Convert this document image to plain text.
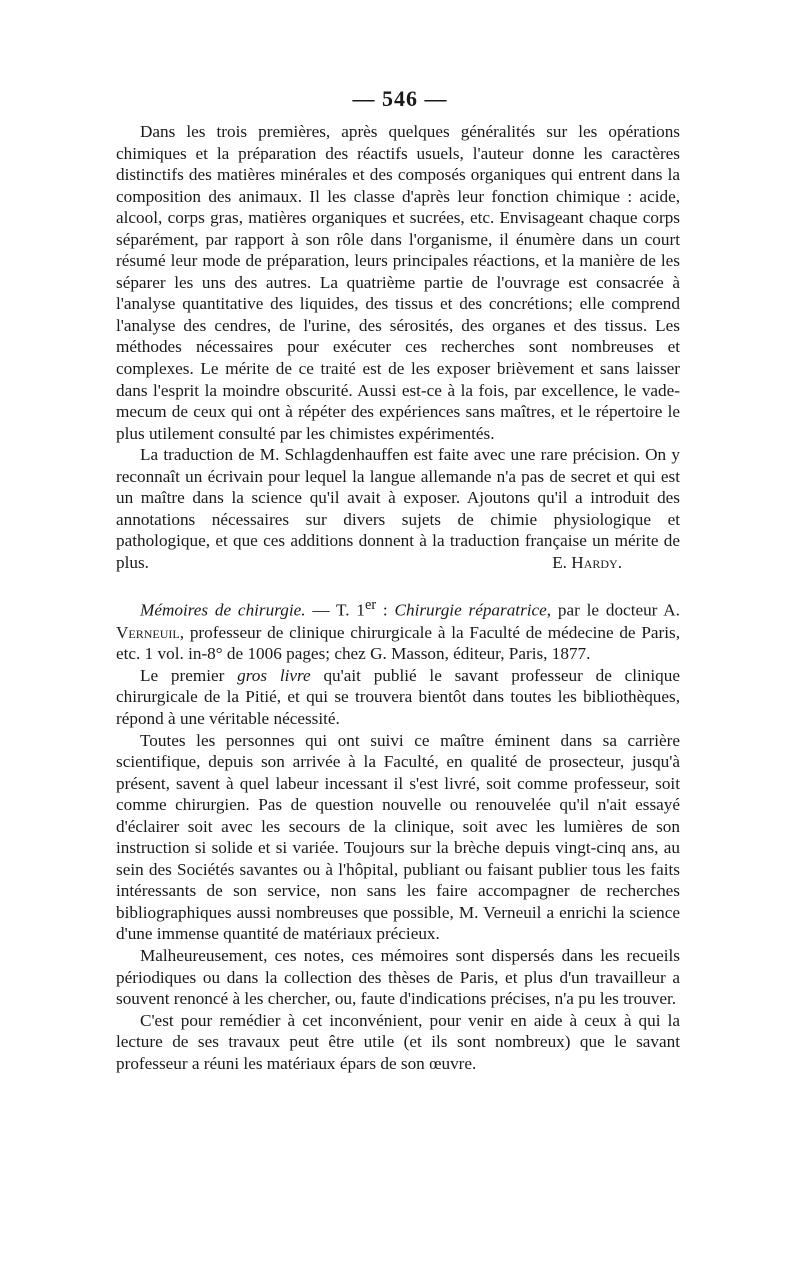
— 546 —

Dans les trois premières, après quelques généralités sur les opérations chimiques et la préparation des réactifs usuels, l'auteur donne les caractères distinctifs des matières minérales et des composés organiques qui entrent dans la composition des animaux. Il les classe d'après leur fonction chimique : acide, alcool, corps gras, matières organiques et sucrées, etc. Envisageant chaque corps séparément, par rapport à son rôle dans l'organisme, il énumère dans un court résumé leur mode de préparation, leurs principales réactions, et la manière de les séparer les uns des autres. La quatrième partie de l'ouvrage est consacrée à l'analyse quantitative des liquides, des tissus et des concrétions; elle comprend l'analyse des cendres, de l'urine, des sérosités, des organes et des tissus. Les méthodes nécessaires pour exécuter ces recherches sont nombreuses et complexes. Le mérite de ce traité est de les exposer brièvement et sans laisser dans l'esprit la moindre obscurité. Aussi est-ce à la fois, par excellence, le vade-mecum de ceux qui ont à répéter des expériences sans maîtres, et le répertoire le plus utilement consulté par les chimistes expérimentés.

La traduction de M. Schlagdenhauffen est faite avec une rare précision. On y reconnaît un écrivain pour lequel la langue allemande n'a pas de secret et qui est un maître dans la science qu'il avait à exposer. Ajoutons qu'il a introduit des annotations nécessaires sur divers sujets de chimie physiologique et pathologique, et que ces additions donnent à la traduction française un mérite de plus.	E. Hardy.

Mémoires de chirurgie. — T. 1er : Chirurgie réparatrice, par le docteur A. Verneuil, professeur de clinique chirurgicale à la Faculté de médecine de Paris, etc. 1 vol. in-8° de 1006 pages; chez G. Masson, éditeur, Paris, 1877.

Le premier gros livre qu'ait publié le savant professeur de clinique chirurgicale de la Pitié, et qui se trouvera bientôt dans toutes les bibliothèques, répond à une véritable nécessité.

Toutes les personnes qui ont suivi ce maître éminent dans sa carrière scientifique, depuis son arrivée à la Faculté, en qualité de prosecteur, jusqu'à présent, savent à quel labeur incessant il s'est livré, soit comme professeur, soit comme chirurgien. Pas de question nouvelle ou renouvelée qu'il n'ait essayé d'éclairer soit avec les secours de la clinique, soit avec les lumières de son instruction si solide et si variée. Toujours sur la brèche depuis vingt-cinq ans, au sein des Sociétés savantes ou à l'hôpital, publiant ou faisant publier tous les faits intéressants de son service, non sans les faire accompagner de recherches bibliographiques aussi nombreuses que possible, M. Verneuil a enrichi la science d'une immense quantité de matériaux précieux.

Malheureusement, ces notes, ces mémoires sont dispersés dans les recueils périodiques ou dans la collection des thèses de Paris, et plus d'un travailleur a souvent renoncé à les chercher, ou, faute d'indications précises, n'a pu les trouver.

C'est pour remédier à cet inconvénient, pour venir en aide à ceux à qui la lecture de ses travaux peut être utile (et ils sont nombreux) que le savant professeur a réuni les matériaux épars de son œuvre.
